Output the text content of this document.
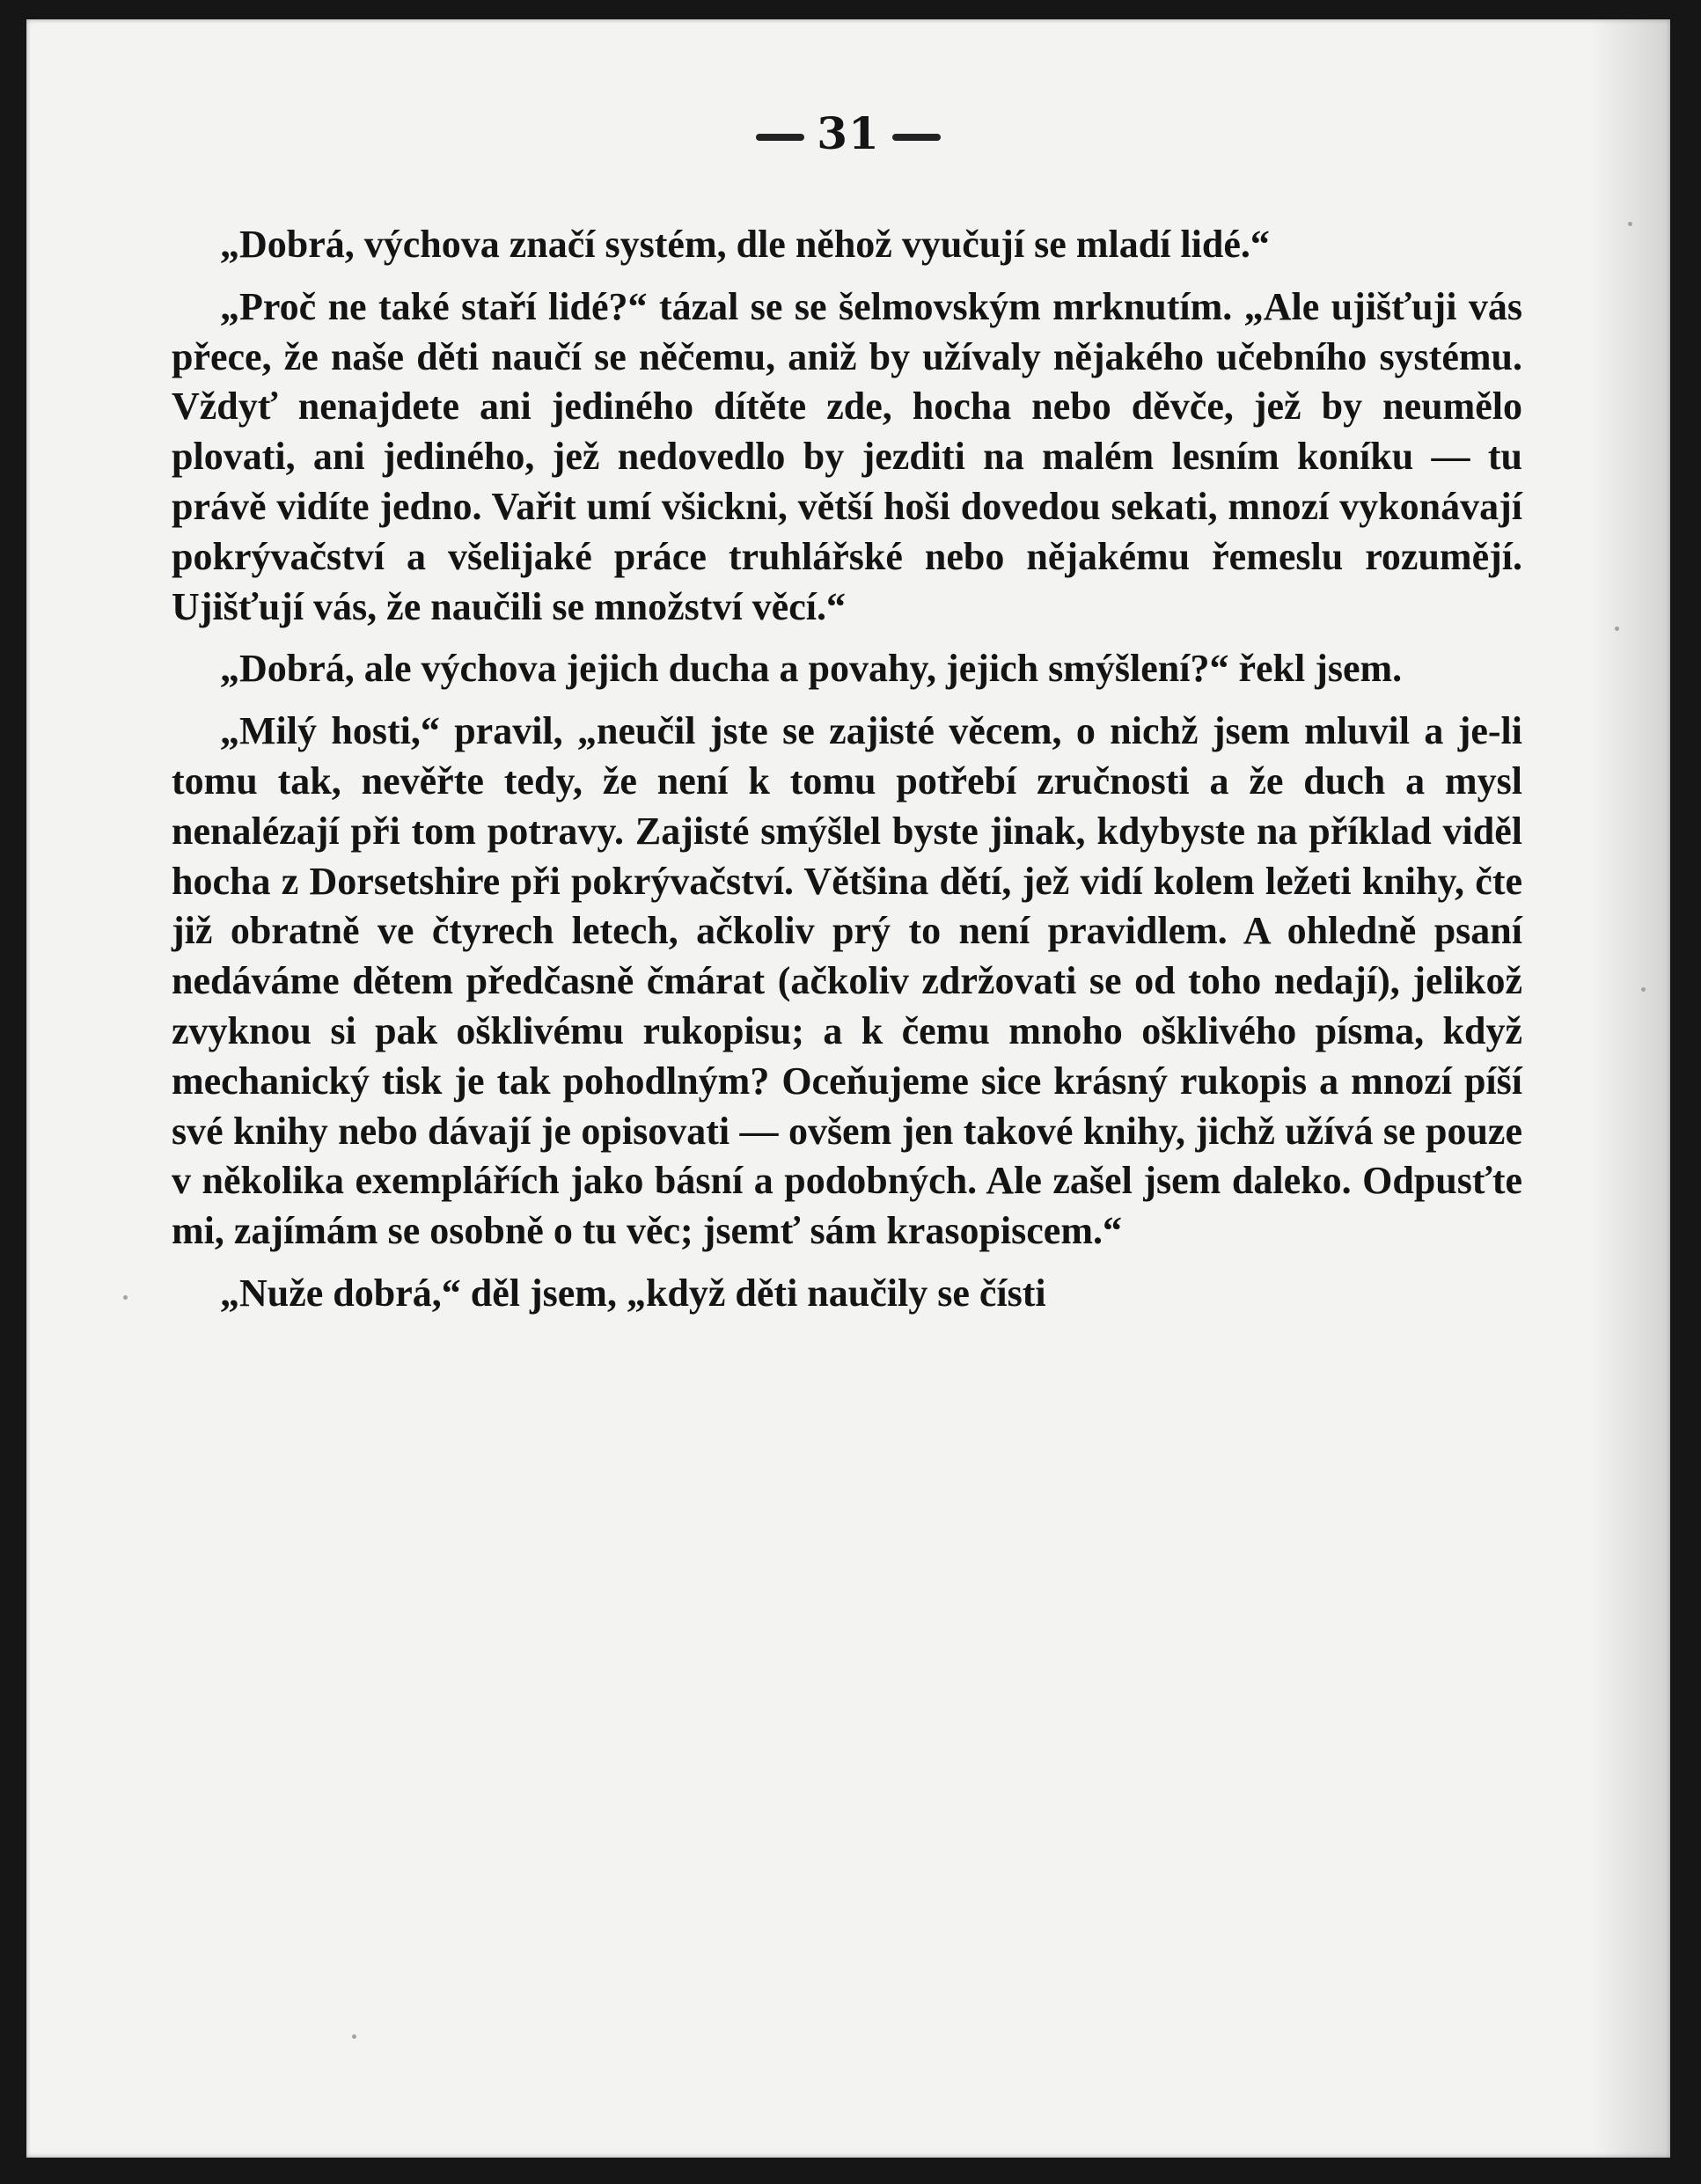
31

„Dobrá, výchova značí systém, dle něhož vyučují se mladí lidé.“

„Proč ne také staří lidé?“ tázal se se šelmovským mrknutím. „Ale ujišťuji vás přece, že naše děti naučí se něčemu, aniž by užívaly nějakého učebního systému. Vždyť nenajdete ani jediného dítěte zde, hocha nebo děvče, jež by neumělo plovati, ani jediného, jež nedovedlo by jezditi na malém lesním koníku — tu právě vidíte jedno. Vařit umí všickni, větší hoši dovedou sekati, mnozí vykonávají pokrývačství a všelijaké práce truhlářské nebo nějakému řemeslu rozumějí. Ujišťují vás, že naučili se množství věcí.“

„Dobrá, ale výchova jejich ducha a povahy, jejich smýšlení?“ řekl jsem.

„Milý hosti,“ pravil, „neučil jste se zajisté věcem, o nichž jsem mluvil a je-li tomu tak, nevěřte tedy, že není k tomu potřebí zručnosti a že duch a mysl nenalézají při tom potravy. Zajisté smýšlel byste jinak, kdybyste na příklad viděl hocha z Dorsetshire při pokrývačství. Většina dětí, jež vidí kolem ležeti knihy, čte již obratně ve čtyrech letech, ačkoliv prý to není pravidlem. A ohledně psaní nedáváme dětem předčasně čmárat (ačkoliv zdržovati se od toho nedají), jelikož zvyknou si pak ošklivému rukopisu; a k čemu mnoho ošklivého písma, když mechanický tisk je tak pohodlným? Oceňujeme sice krásný rukopis a mnozí píší své knihy nebo dávají je opisovati — ovšem jen takové knihy, jichž užívá se pouze v několika exemplářích jako básní a podobných. Ale zašel jsem daleko. Odpusťte mi, zajímám se osobně o tu věc; jsemť sám krasopiscem.“

„Nuže dobrá,“ děl jsem, „když děti naučily se čísti
